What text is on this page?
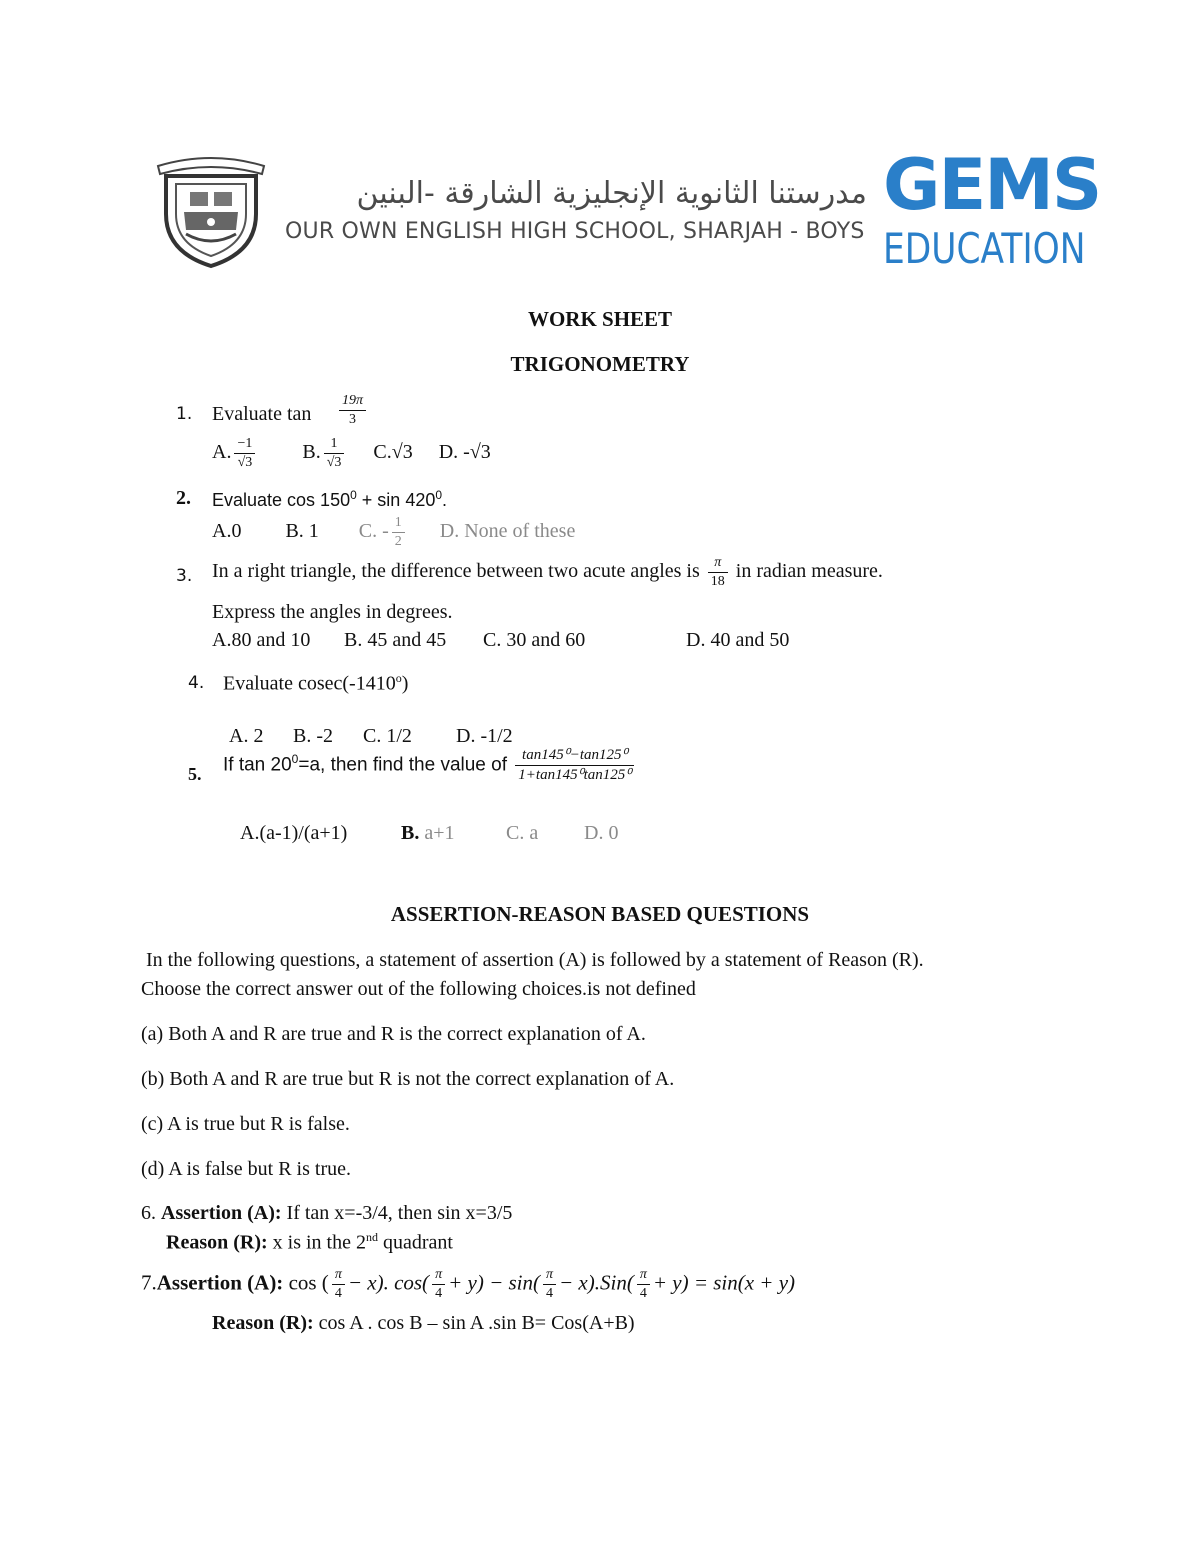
مدرستنا الثانوية الإنجليزية الشارقة -البنين
OUR OWN ENGLISH HIGH SCHOOL, SHARJAH - BOYS
GEMS
EDUCATION
WORK SHEET
TRIGONOMETRY
1. Evaluate $\tan \frac{19\pi}{3}$
A. $\frac{-1}{√3} B$. $\frac{1}{√3} C.√3$ D. -√3
2. Evaluate $\cos 150^0 + \sin 420^0$.
A.0 B. 1 C. - $\frac{1}{2} D$. None of these
3. In a right triangle, the difference between two acute angles is $\frac{\pi}{18}$ in radian measure.
Express the angles in degrees.
A.80 and 10 B. 45 and 45 C. 30 and 60	D. 40 and 50
4. Evaluate cosec(-1410$^o$)
A. 2 B. -2 C. 1/2 D. -1/2
5. If $\tan 20^0=a$, then find the value of $\frac{\text{tan145⁰−tan125⁰}}{\text{1+tan145⁰tan125⁰}}$
A.(a-1)/(a+1)	B. a+1	C. a D. 0
ASSERTION-REASON BASED QUESTIONS
In the following questions, a statement of assertion (A) is followed by a statement of Reason (R).
Choose the correct answer out of the following choices.is not defined
(a) Both A and R are true and R is the correct explanation of A.
(b) Both A and R are true but R is not the correct explanation of A.
(c) A is true but R is false.
(d) A is false but R is true.
6. Assertion (A): If tan x=-3/4, then sin x=3/5
Reason (R): x is in the 2nd quadrant
7.Assertion (A): cos ( $\frac{\pi}{4} - x$). $\cos( \frac{\pi}{4} + y) - \sin( \frac{\pi}{4} - x).Sin( \frac{\pi}{4} + y) = \sin(x + y)$
Reason (R): cos A . cos B – sin A .sin B= Cos(A+B)
